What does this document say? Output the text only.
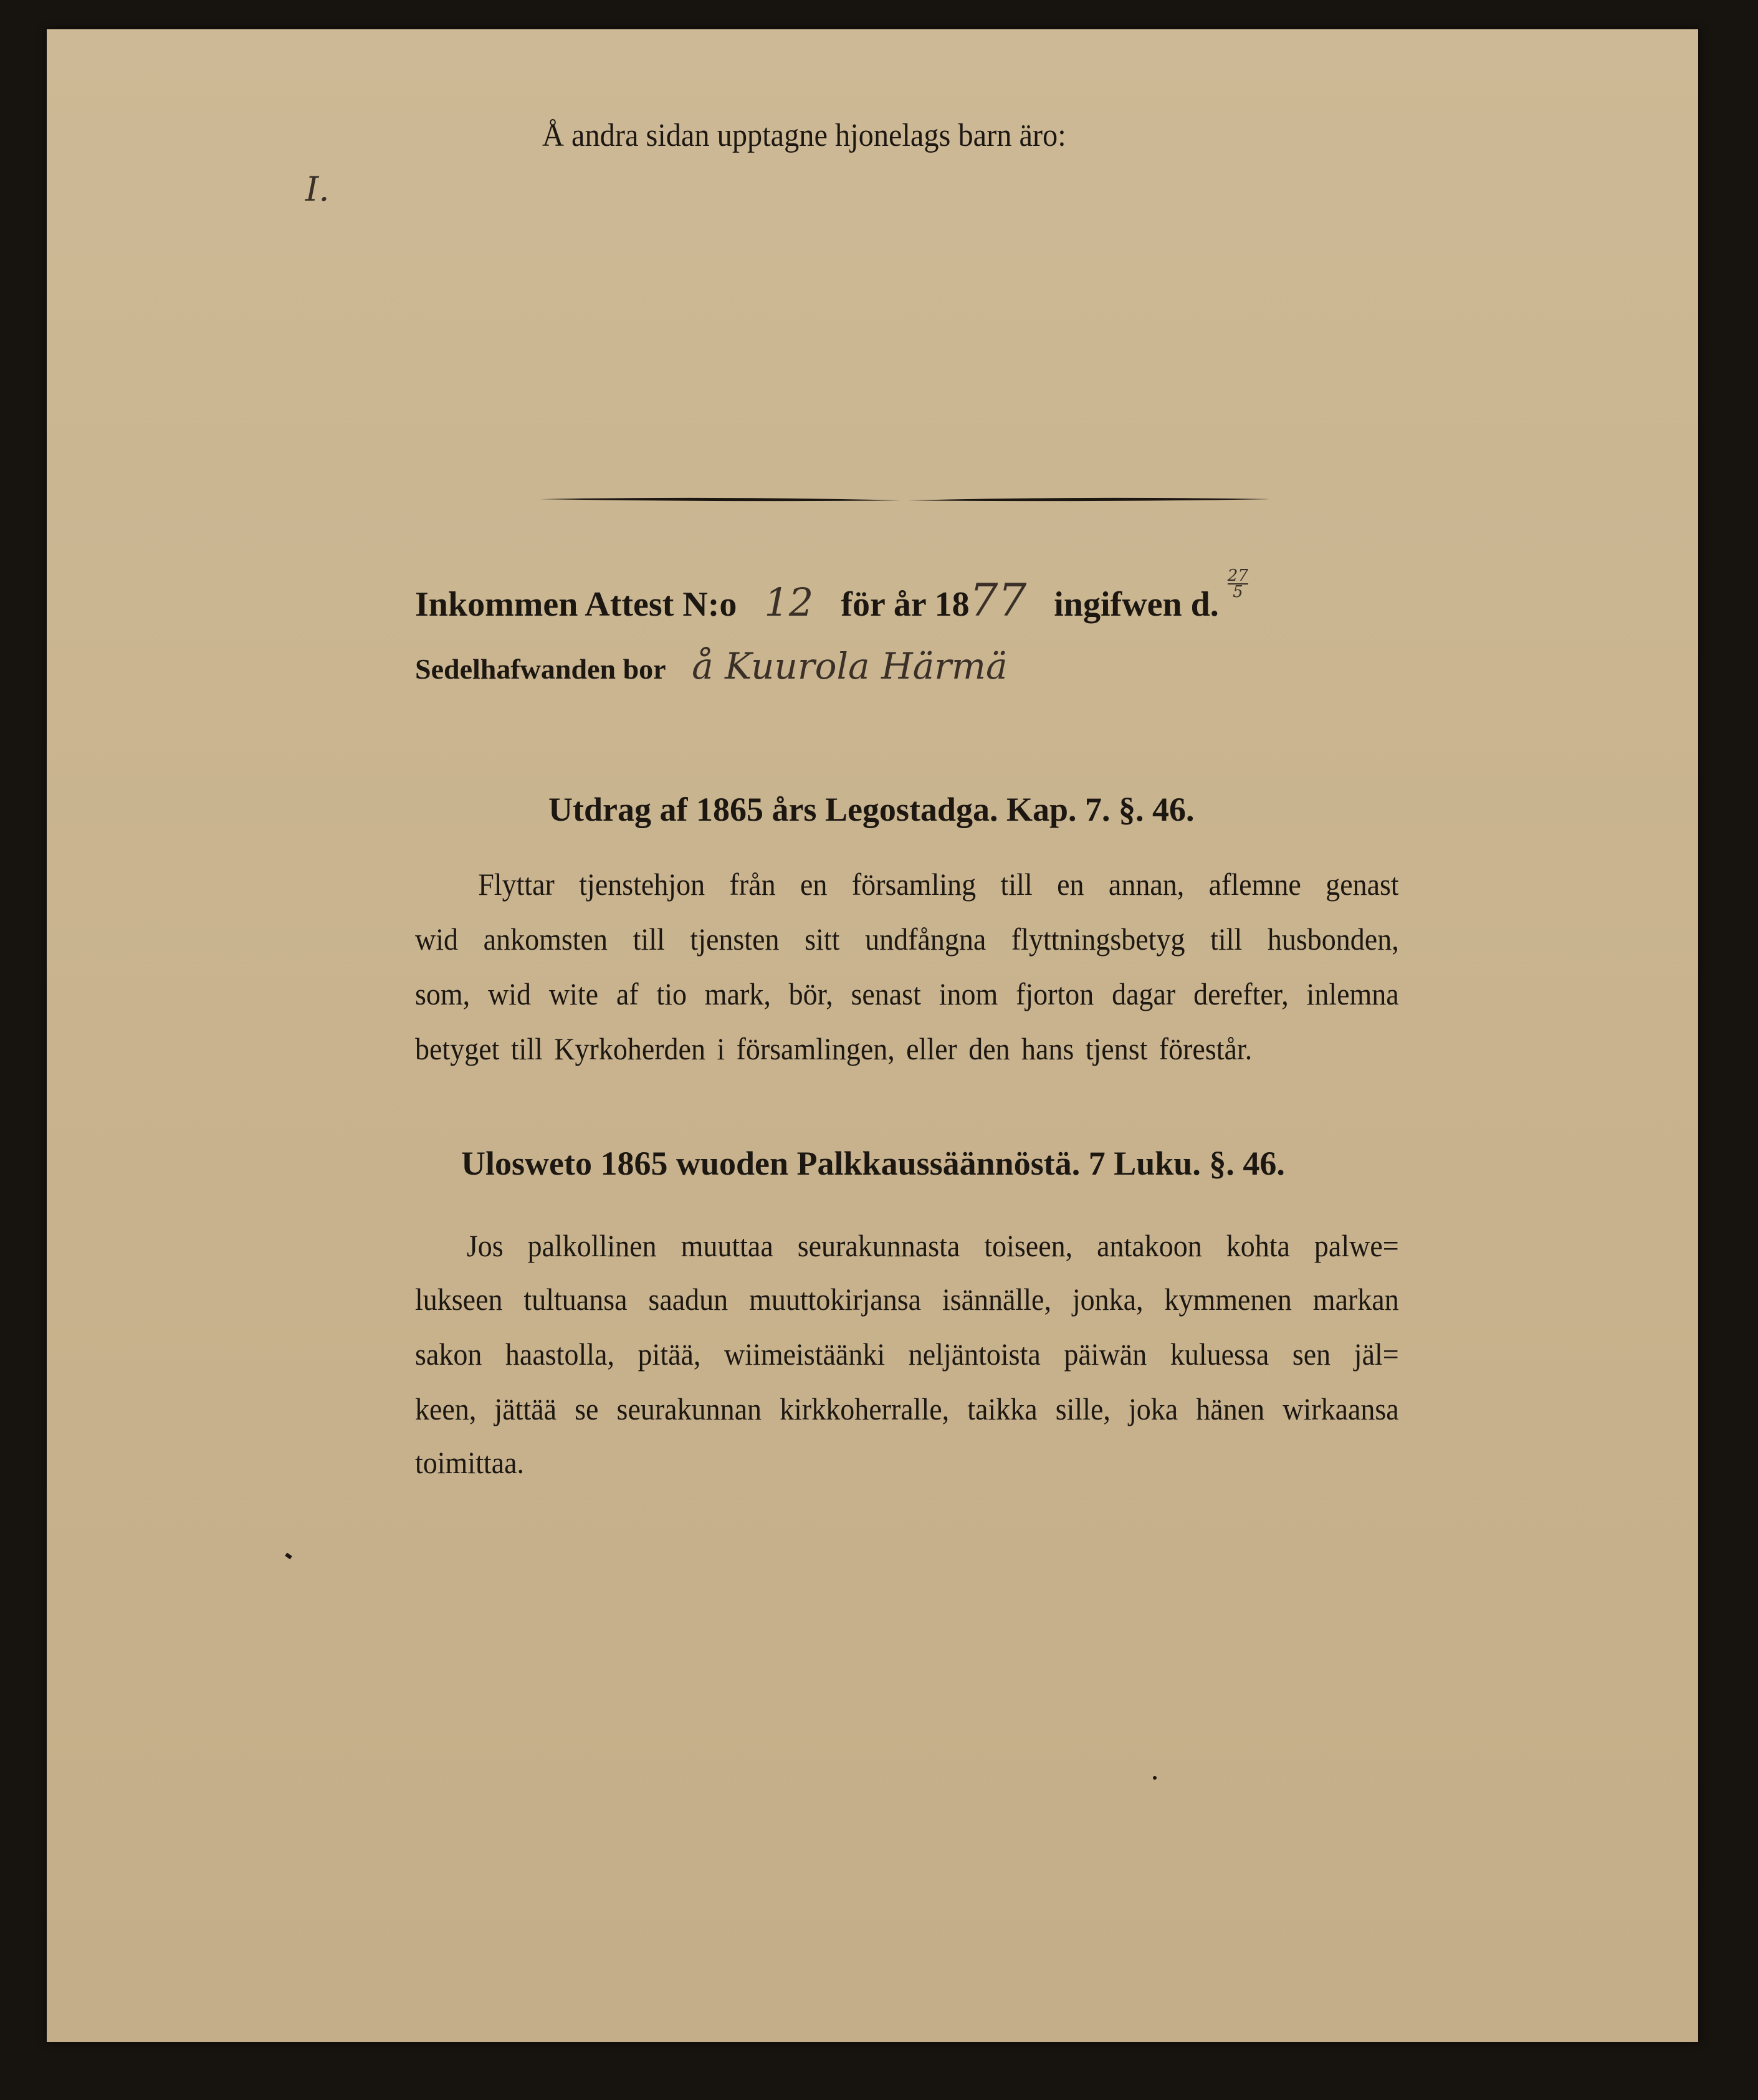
Å andra sidan upptagne hjonelags barn äro:
I.
Inkommen Attest N:o 12 för år 1877 ingifwen d.
$\frac{27}{5}$
Sedelhafwanden bor å Kuurola Härmä
Utdrag af 1865 års Legostadga. Kap. 7. §. 46.
Flyttar tjenstehjon från en församling till en annan, aflemne genast
wid ankomsten till tjensten sitt undfångna flyttningsbetyg till husbonden,
som, wid wite af tio mark, bör, senast inom fjorton dagar derefter, inlemna
betyget till Kyrkoherden i församlingen, eller den hans tjenst förestår.
Ulosweto 1865 wuoden Palkkaussäännöstä. 7 Luku. §. 46.
Jos palkollinen muuttaa seurakunnasta toiseen, antakoon kohta palwe=
lukseen tultuansa saadun muuttokirjansa isännälle, jonka, kymmenen markan
sakon haastolla, pitää, wiimeistäänki neljäntoista päiwän kuluessa sen jäl=
keen, jättää se seurakunnan kirkkoherralle, taikka sille, joka hänen wirkaansa
toimittaa.
